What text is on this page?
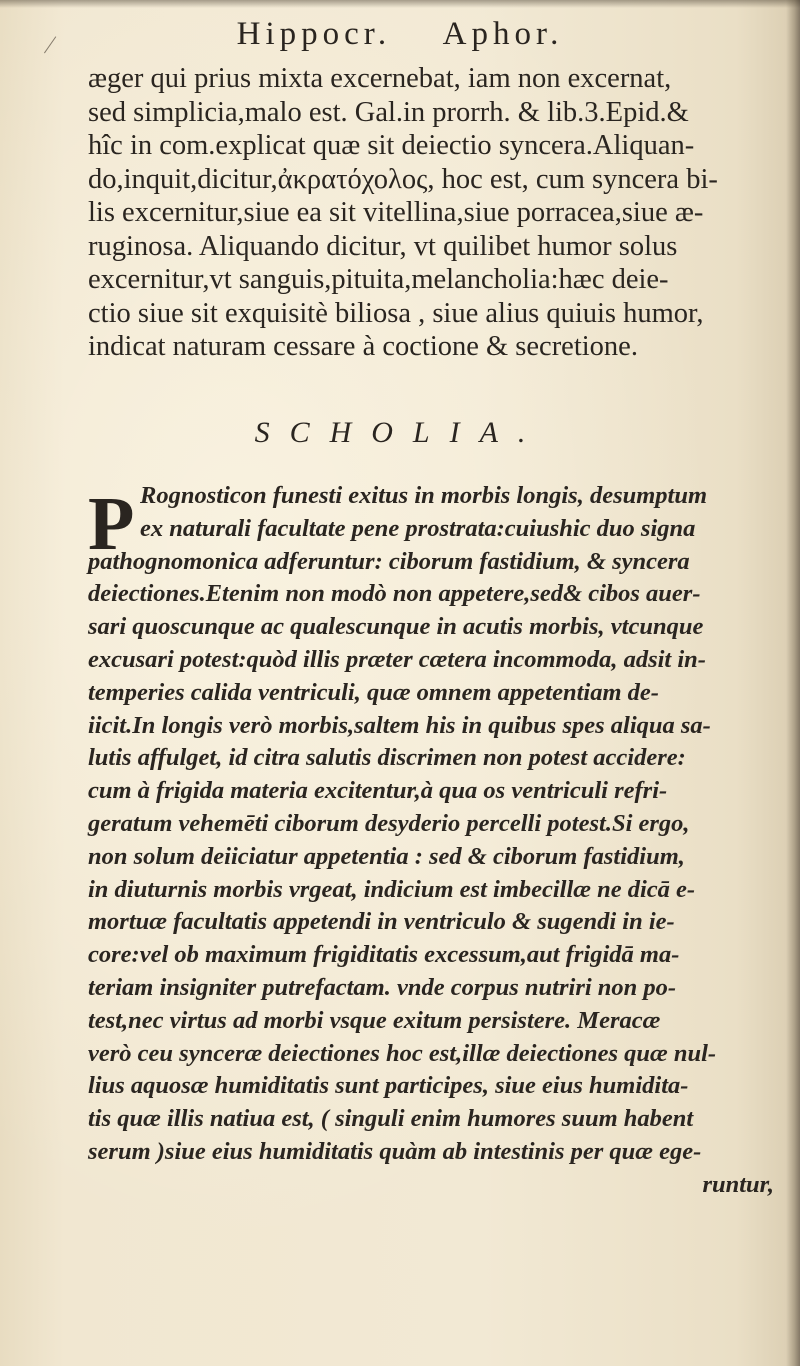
Hippocr. Aphor.
æger qui prius mixta excernebat, iam non excernat,
sed simplicia,malo est. Gal.in prorrh. & lib.3.Epid.&
hîc in com.explicat quæ sit deiectio syncera.Aliquan-
do,inquit,dicitur,ἀκρατόχολος, hoc est, cum syncera bi-
lis excernitur,siue ea sit vitellina,siue porracea,siue æ-
ruginosa. Aliquando dicitur, vt quilibet humor solus
excernitur,vt sanguis,pituita,melancholia:hæc deie-
ctio siue sit exquisitè biliosa , siue alius quiuis humor,
indicat naturam cessare à coctione & secretione.
SCHOLIA.
P Rognosticon funesti exitus in morbis longis, desumptum
ex naturali facultate pene prostrata:cuiushic duo signa
pathognomonica adferuntur: ciborum fastidium, & syncera
deiectiones.Etenim non modò non appetere,sed& cibos auer-
sari quoscunque ac qualescunque in acutis morbis, vtcunque
excusari potest:quòd illis præter cætera incommoda, adsit in-
temperies calida ventriculi, quæ omnem appetentiam de-
iicit.In longis verò morbis,saltem his in quibus spes aliqua sa-
lutis affulget, id citra salutis discrimen non potest accidere:
cum à frigida materia excitentur,à qua os ventriculi refri-
geratum vehemēti ciborum desyderio percelli potest.Si ergo,
non solum deiiciatur appetentia : sed & ciborum fastidium,
in diuturnis morbis vrgeat, indicium est imbecillæ ne dicā e-
mortuæ facultatis appetendi in ventriculo & sugendi in ie-
core:vel ob maximum frigiditatis excessum,aut frigidā ma-
teriam insigniter putrefactam. vnde corpus nutriri non po-
test,nec virtus ad morbi vsque exitum persistere. Meracæ
verò ceu synceræ deiectiones hoc est,illæ deiectiones quæ nul-
lius aquosæ humiditatis sunt participes, siue eius humidita-
tis quæ illis natiua est, ( singuli enim humores suum habent
serum )siue eius humiditatis quàm ab intestinis per quæ ege-
runtur,
